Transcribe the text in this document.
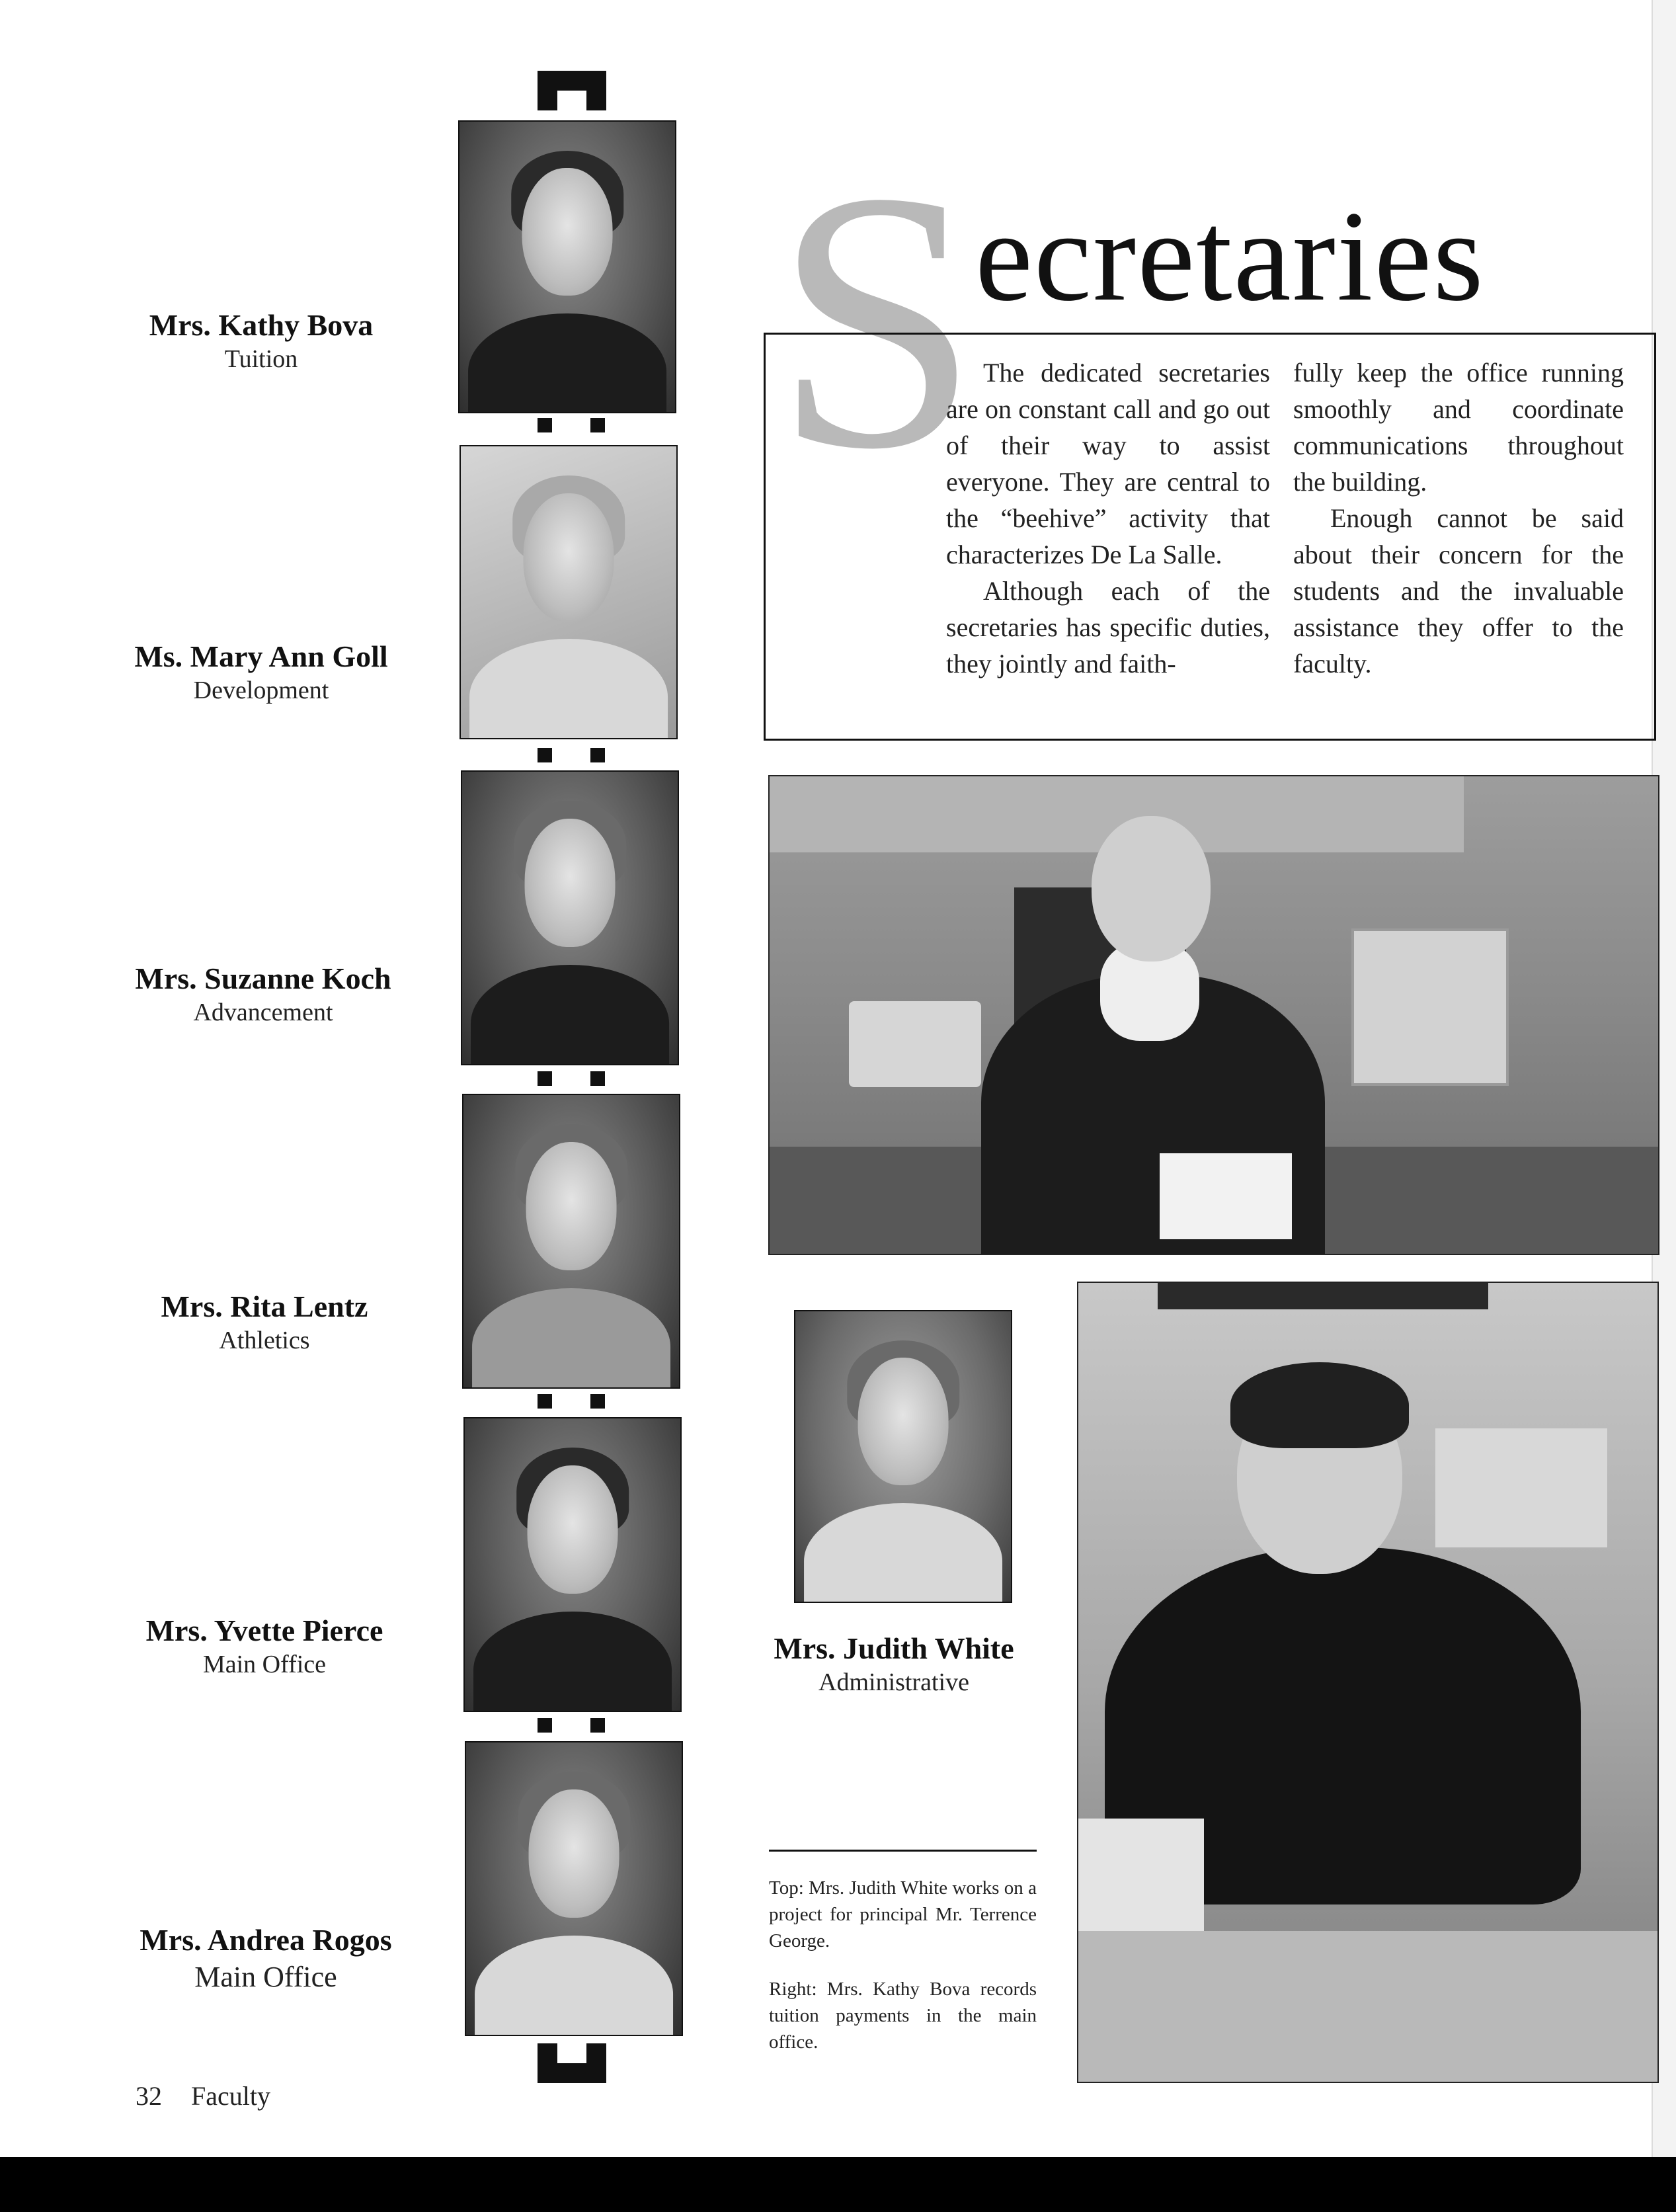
Mrs. Kathy Bova
Tuition
Ms. Mary Ann Goll
Development
Mrs. Suzanne Koch
Advancement
Mrs. Rita Lentz
Athletics
Mrs. Yvette Pierce
Main Office
Mrs. Andrea Rogos
Main Office
S
ecretaries

The dedicated secretaries are on constant call and go out of their way to assist everyone. They are central to the “beehive” activity that characterizes De La Salle.

Although each of the secretaries has specific duties, they jointly and faith-

fully keep the office running smoothly and coordinate communications throughout the building.

Enough cannot be said about their concern for the students and the invaluable assistance they offer to the faculty.

Mrs. Judith White
Administrative
Top: Mrs. Judith White works on a project for principal Mr. Terrence George.
Right: Mrs. Kathy Bova records tuition payments in the main office.
32 Faculty
